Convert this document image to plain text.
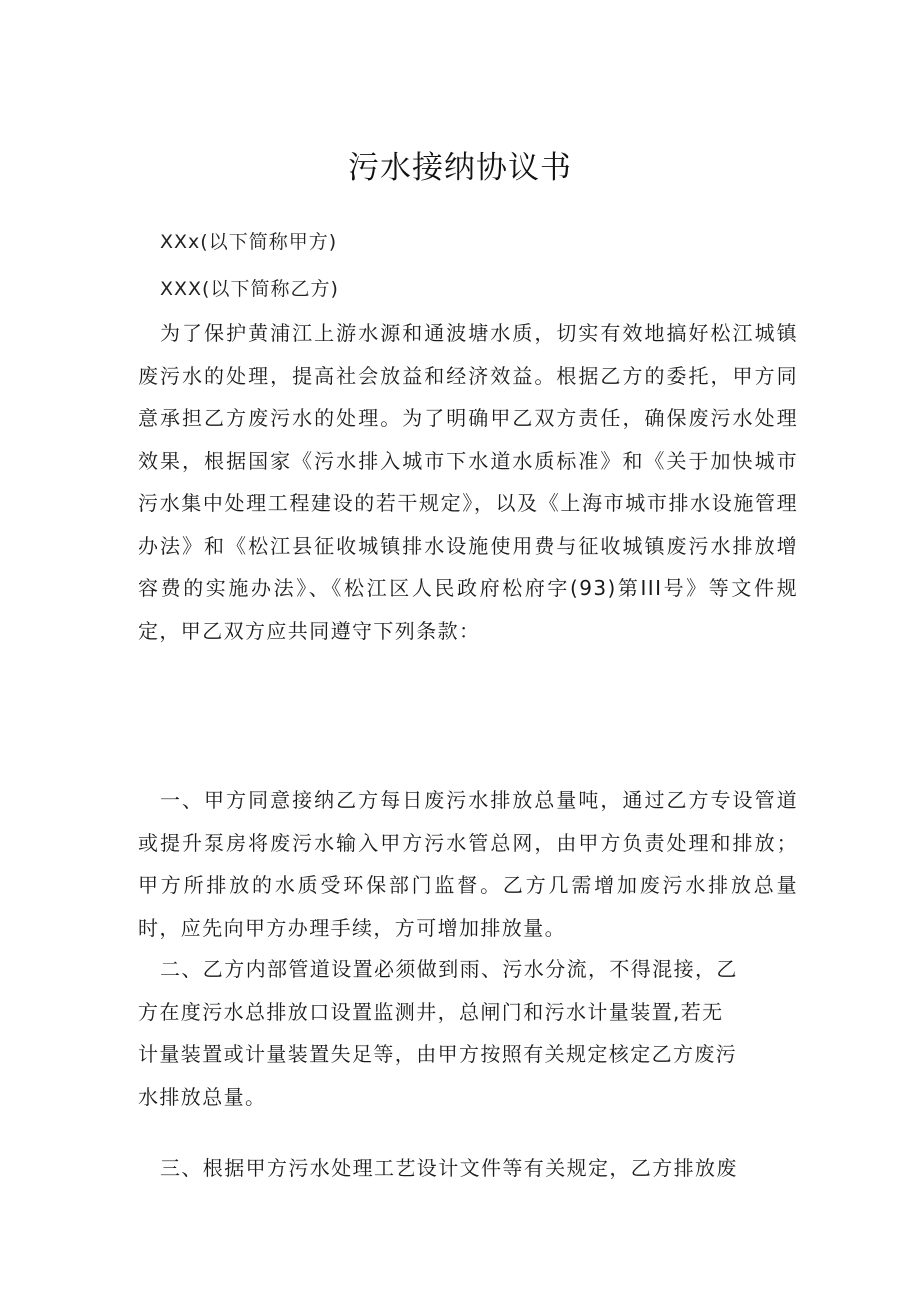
污水接纳协议书
XXx(以下简称甲方)
XXX(以下简称乙方)
为了保护黄浦江上游水源和通波塘水质，切实有效地搞好松江城镇废污水的处理，提高社会放益和经济效益。根据乙方的委托，甲方同意承担乙方废污水的处理。为了明确甲乙双方责任，确保废污水处理效果，根据国家《污水排入城市下水道水质标准》和《关于加快城市污水集中处理工程建设的若干规定》，以及《上海市城市排水设施管理办法》和《松江县征收城镇排水设施使用费与征收城镇废污水排放增容费的实施办法》、《松江区人民政府松府字(93)第III号》等文件规定，甲乙双方应共同遵守下列条款：
一、甲方同意接纳乙方每日废污水排放总量吨，通过乙方专设管道或提升泵房将废污水输入甲方污水管总网，由甲方负责处理和排放；甲方所排放的水质受环保部门监督。乙方几需增加废污水排放总量时，应先向甲方办理手续，方可增加排放量。
二、乙方内部管道设置必须做到雨、污水分流，不得混接，乙
方在度污水总排放口设置监测井，总闸门和污水计量装置,若无
计量装置或计量装置失足等，由甲方按照有关规定核定乙方废污
水排放总量。
三、根据甲方污水处理工艺设计文件等有关规定，乙方排放废
